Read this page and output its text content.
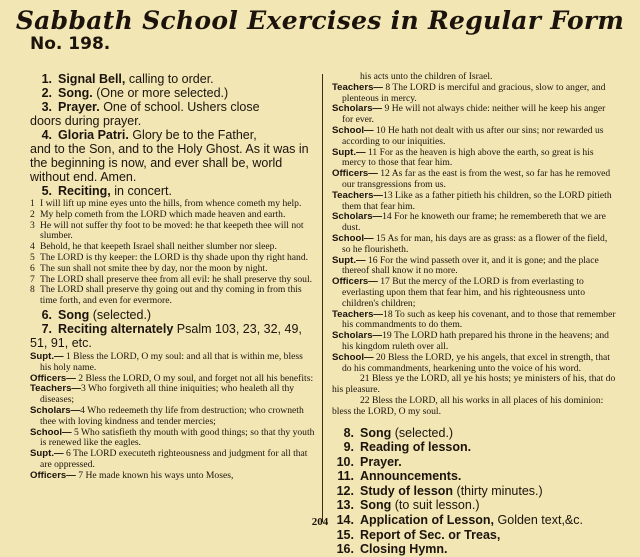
Sabbath School Exercises in Regular Form
No. 198.
1. Signal Bell, calling to order.
2. Song. (One or more selected.)
3. Prayer. One of school. Ushers close
doors during prayer.
4. Gloria Patri. Glory be to the Father,
and to the Son, and to the Holy Ghost. As it was in the beginning is now, and ever shall be, world without end. Amen.
5. Reciting, in concert.
1 I will lift up mine eyes unto the hills, from whence cometh my help.
2 My help cometh from the LORD which made heaven and earth.
3 He will not suffer thy foot to be moved: he that keepeth thee will not slumber.
4 Behold, he that keepeth Israel shall neither slumber nor sleep.
5 The LORD is thy keeper: the LORD is thy shade upon thy right hand.
6 The sun shall not smite thee by day, nor the moon by night.
7 The LORD shall preserve thee from all evil: he shall preserve thy soul.
8 The LORD shall preserve thy going out and thy coming in from this time forth, and even for evermore.
6. Song (selected.)
7. Reciting alternately Psalm 103, 23, 32, 49, 51, 91, etc.
Supt.— 1 Bless the LORD, O my soul: and all that is within me, bless his holy name.
Officers— 2 Bless the LORD, O my soul, and forget not all his benefits:
Teachers—3 Who forgiveth all thine iniquities; who healeth all thy diseases;
Scholars—4 Who redeemeth thy life from destruction; who crowneth thee with loving kindness and tender mercies;
School— 5 Who satisfieth thy mouth with good things; so that thy youth is renewed like the eagles.
Supt.— 6 The LORD executeth righteousness and judgment for all that are oppressed.
Officers— 7 He made known his ways unto Moses,
his acts unto the children of Israel.
Teachers— 8 The LORD is merciful and gracious, slow to anger, and plenteous in mercy.
Scholars— 9 He will not always chide: neither will he keep his anger for ever.
School— 10 He hath not dealt with us after our sins; nor rewarded us according to our iniquities.
Supt.— 11 For as the heaven is high above the earth, so great is his mercy to those that fear him.
Officers— 12 As far as the east is from the west, so far has he removed our transgressions from us.
Teachers—13 Like as a father pitieth his children, so the LORD pitieth them that fear him.
Scholars—14 For he knoweth our frame; he remembereth that we are dust.
School— 15 As for man, his days are as grass: as a flower of the field, so he flourisheth.
Supt.— 16 For the wind passeth over it, and it is gone; and the place thereof shall know it no more.
Officers— 17 But the mercy of the LORD is from everlasting to everlasting upon them that fear him, and his righteousness unto children's children;
Teachers—18 To such as keep his covenant, and to those that remember his commandments to do them.
Scholars—19 The LORD hath prepared his throne in the heavens; and his kingdom ruleth over all.
School— 20 Bless the LORD, ye his angels, that excel in strength, that do his commandments, hearkening unto the voice of his word.
21 Bless ye the LORD, all ye his hosts; ye ministers of his, that do his pleasure.
22 Bless the LORD, all his works in all places of his dominion: bless the LORD, O my soul.
8. Song (selected.)
9. Reading of lesson.
10. Prayer.
11. Announcements.
12. Study of lesson (thirty minutes.)
13. Song (to suit lesson.)
14. Application of Lesson, Golden text,&c.
15. Report of Sec. or Treas,
16. Closing Hymn.
204
